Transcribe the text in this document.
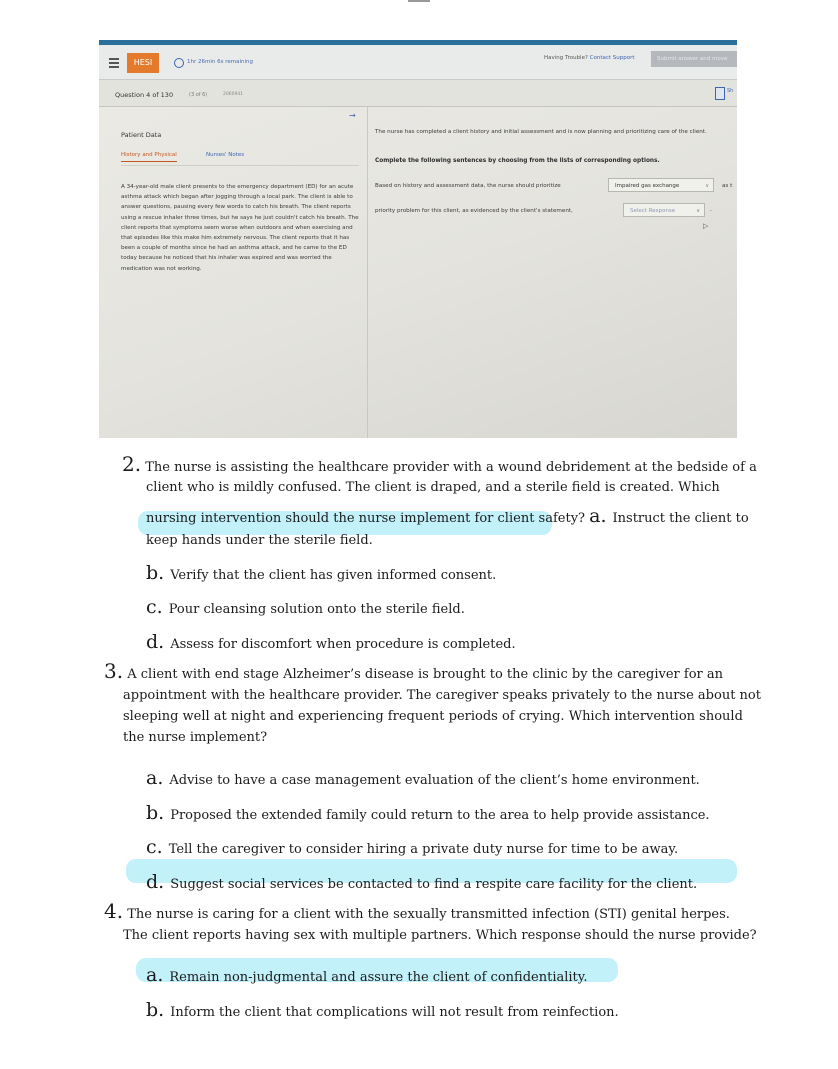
HESI	1hr 26min 6s remaining
Having Trouble? Contact Support	Submit answer and move
Question 4 of 130	(3 of 6)	2060941
Sh
→
Patient Data
History and Physical	Nurses' Notes
A 34-year-old male client presents to the emergency department (ED) for an acute asthma attack which began after jogging through a local park. The client is able to answer questions, pausing every few words to catch his breath. The client reports using a rescue inhaler three times, but he says he just couldn't catch his breath. The client reports that symptoms seem worse when outdoors and when exercising and that episodes like this make him extremely nervous. The client reports that it has been a couple of months since he had an asthma attack, and he came to the ED today because he noticed that his inhaler was expired and was worried the medication was not working.
The nurse has completed a client history and initial assessment and is now planning and prioritizing care of the client.
Complete the following sentences by choosing from the lists of corresponding options.
Based on history and assessment data, the nurse should prioritize	Impaired gas exchange	∨ as t
priority problem for this client, as evidenced by the client's statement,	Select Response	∨ .
▷
2. The nurse is assisting the healthcare provider with a wound debridement at the bedside of a
client who is mildly confused. The client is draped, and a sterile field is created. Which
nursing intervention should the nurse implement for client safety? a. Instruct the client to
keep hands under the sterile field.
b. Verify that the client has given informed consent.
c. Pour cleansing solution onto the sterile field.
d. Assess for discomfort when procedure is completed.
3. A client with end stage Alzheimer’s disease is brought to the clinic by the caregiver for an
appointment with the healthcare provider. The caregiver speaks privately to the nurse about not
sleeping well at night and experiencing frequent periods of crying. Which intervention should
the nurse implement?
a. Advise to have a case management evaluation of the client’s home environment.
b. Proposed the extended family could return to the area to help provide assistance.
c. Tell the caregiver to consider hiring a private duty nurse for time to be away.
d. Suggest social services be contacted to find a respite care facility for the client.
4. The nurse is caring for a client with the sexually transmitted infection (STI) genital herpes.
The client reports having sex with multiple partners. Which response should the nurse provide?
a. Remain non-judgmental and assure the client of confidentiality.
b. Inform the client that complications will not result from reinfection.
